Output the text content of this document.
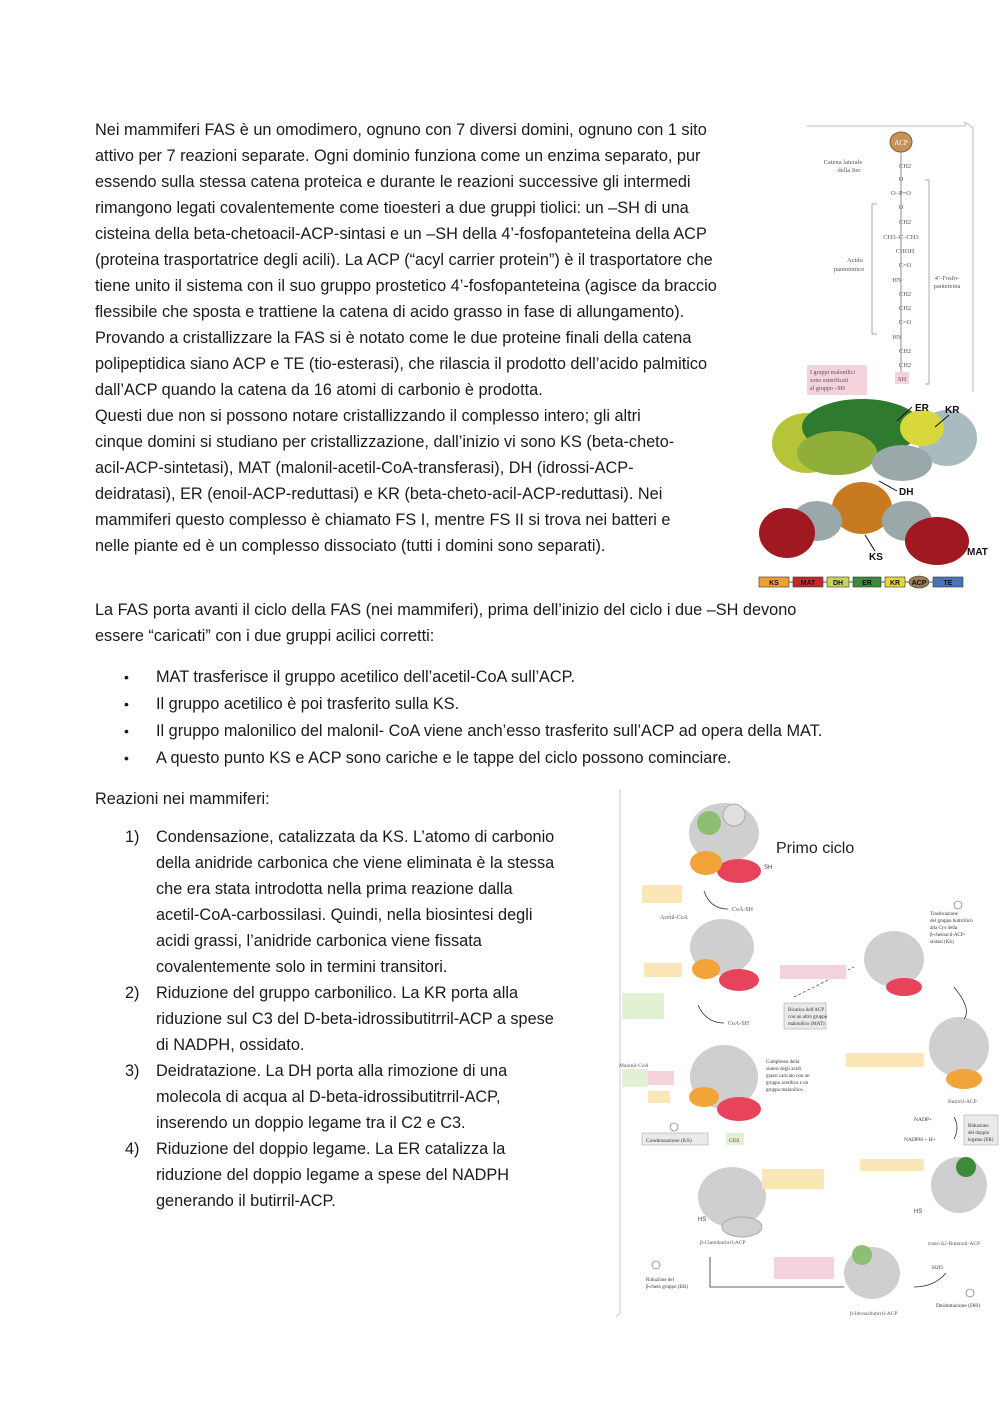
Nei mammiferi FAS è un omodimero, ognuno con 7 diversi domini, ognuno con 1 sito
attivo per 7 reazioni separate. Ogni dominio funziona come un enzima separato, pur
essendo sulla stessa catena proteica e durante le reazioni successive gli intermedi
rimangono legati covalentemente come tioesteri a due gruppi tiolici: un –SH di una
cisteina della beta-chetoacil-ACP-sintasi e un –SH della 4’-fosfopanteteina della ACP
(proteina trasportatrice degli acili). La ACP (“acyl carrier protein”) è il trasportatore che
tiene unito il sistema con il suo gruppo prostetico 4’-fosfopanteteina (agisce da braccio
flessibile che sposta e trattiene la catena di acido grasso in fase di allungamento).
Provando a cristallizzare la FAS si è notato come le due proteine finali della catena
polipeptidica siano ACP e TE (tio-esterasi), che rilascia il prodotto dell’acido palmitico
dall’ACP quando la catena da 16 atomi di carbonio è prodotta.
Questi due non si possono notare cristallizzando il complesso intero; gli altri
cinque domini si studiano per cristallizzazione, dall’inizio vi sono KS (beta-cheto-
acil-ACP-sintetasi), MAT (malonil-acetil-CoA-transferasi), DH (idrossi-ACP-
deidratasi), ER (enoil-ACP-reduttasi) e KR (beta-cheto-acil-ACP-reduttasi). Nei
mammiferi questo complesso è chiamato FS I, mentre FS II si trova nei batteri e
nelle piante ed è un complesso dissociato (tutti i domini sono separati).
La FAS porta avanti il ciclo della FAS (nei mammiferi), prima dell’inizio del ciclo i due –SH devono
essere “caricati” con i due gruppi acilici corretti:
• MAT trasferisce il gruppo acetilico dell’acetil-CoA sull’ACP.
• Il gruppo acetilico è poi trasferito sulla KS.
• Il gruppo malonilico del malonil- CoA viene anch’esso trasferito sull’ACP ad opera della MAT.
• A questo punto KS e ACP sono cariche e le tappe del ciclo possono cominciare.
Reazioni nei mammiferi:
1) Condensazione, catalizzata da KS. L’atomo di carbonio
della anidride carbonica che viene eliminata è la stessa
che era stata introdotta nella prima reazione dalla
acetil-CoA-carbossilasi. Quindi, nella biosintesi degli
acidi grassi, l’anidride carbonica viene fissata
covalentemente solo in termini transitori.
2) Riduzione del gruppo carbonilico. La KR porta alla
riduzione sul C3 del D-beta-idrossibutitrril-ACP a spese
di NADPH, ossidato.
3) Deidratazione. La DH porta alla rimozione di una
molecola di acqua al D-beta-idrossibutitrril-ACP,
inserendo un doppio legame tra il C2 e C3.
4) Riduzione del doppio legame. La ER catalizza la
riduzione del doppio legame a spese del NADPH
generando il butirril-ACP.
ACP
CH2
O
O–P=O
O
CH2
CH3–C–CH3
CHOH
C=O
HN
CH2
CH2
C=O
HN
CH2
CH2
SH
Catena laterale
della Ser
Acido
pantotenico
4’-Fosfo-
panteteina
I gruppi malonilici
sono esterificati
al gruppo –SH
ER KR
DH
KS	MAT
KS	MAT	DH	ER	KR ACP TE
Primo ciclo
SH
Acetil-CoA
CoA-SH
CoA-SH
Ricarica dell'ACP
con un altro gruppo
malonilico (MAT)
Malonil-CoA
Complesso della
sintesi degli acidi
grassi caricato con un
gruppo acetilico e un
gruppo malonilico
Condensazione (KS)	CO2
HS
β-Chetobutirril-ACP
Riduzione del
β-cheto gruppo (KR)
β-Idrossibutirril-ACP
Traslocazione
del gruppo butirrilico
alla Cys della
β-chetoacil-ACP-
sintasi (KS)
Butirril-ACP
NADP+
NADPH + H+
Riduzione
del doppio
legame (ER)
trans-Δ2-Butenoil-ACP
HS
H2O
Deidratazione (DH)
